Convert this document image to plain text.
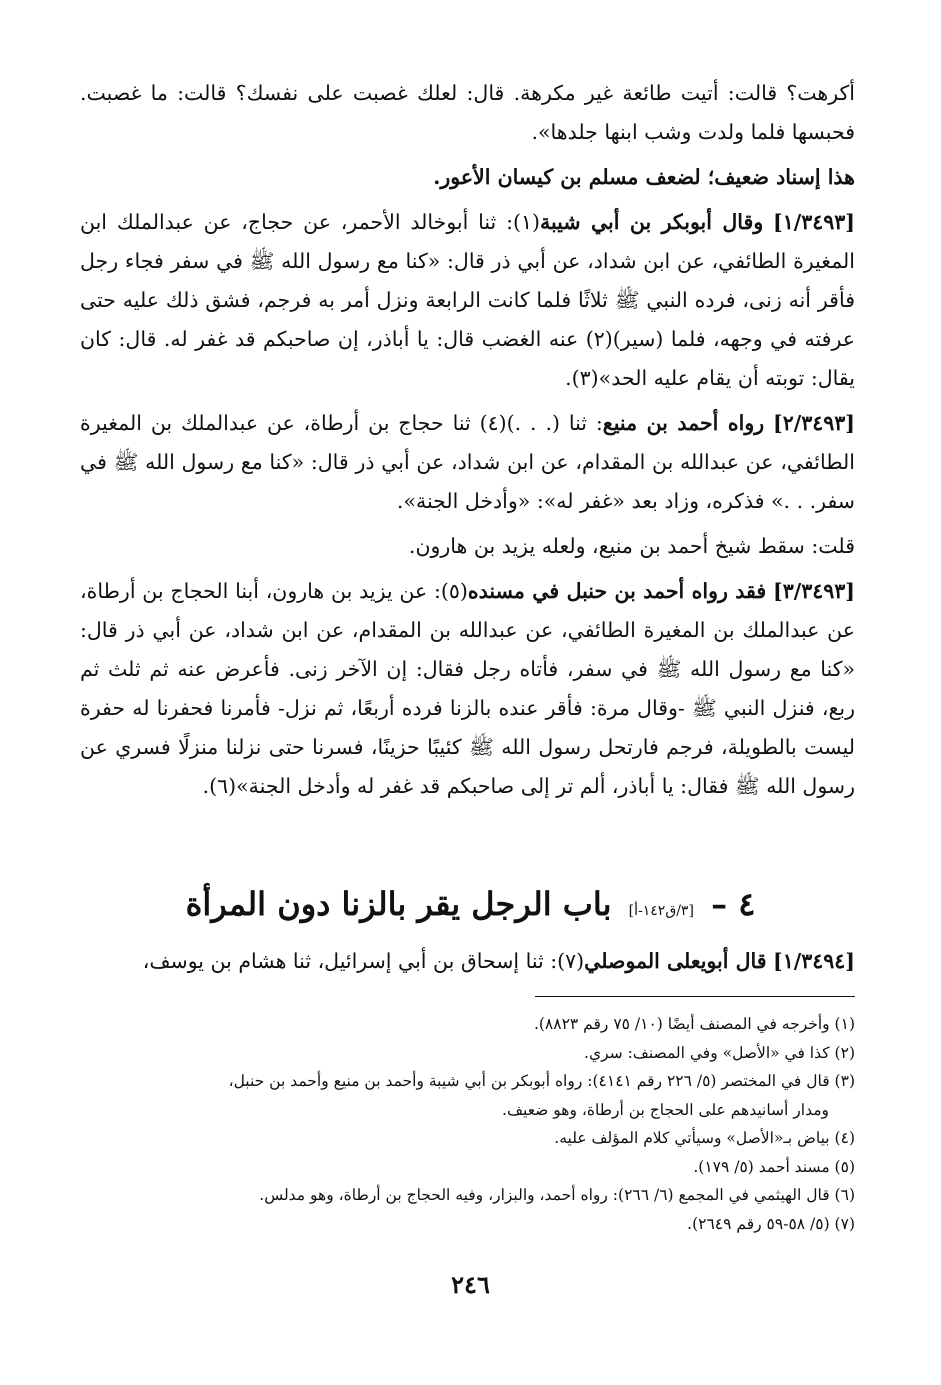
أكرهت؟ قالت: أتيت طائعة غير مكرهة. قال: لعلك غصبت على نفسك؟ قالت: ما غصبت. فحبسها فلما ولدت وشب ابنها جلدها».

هذا إسناد ضعيف؛ لضعف مسلم بن كيسان الأعور.

[١/٣٤٩٣] وقال أبوبكر بن أبي شيبة(١): ثنا أبوخالد الأحمر، عن حجاج، عن عبدالملك ابن المغيرة الطائفي، عن ابن شداد، عن أبي ذر قال: «كنا مع رسول الله ﷺ في سفر فجاء رجل فأقر أنه زنى، فرده النبي ﷺ ثلاثًا فلما كانت الرابعة ونزل أمر به فرجم، فشق ذلك عليه حتى عرفته في وجهه، فلما (سير)(٢) عنه الغضب قال: يا أباذر، إن صاحبكم قد غفر له. قال: كان يقال: توبته أن يقام عليه الحد»(٣).

[٢/٣٤٩٣] رواه أحمد بن منيع: ثنا (. . .)(٤) ثنا حجاج بن أرطاة، عن عبدالملك بن المغيرة الطائفي، عن عبدالله بن المقدام، عن ابن شداد، عن أبي ذر قال: «كنا مع رسول الله ﷺ في سفر. . .» فذكره، وزاد بعد «غفر له»: «وأدخل الجنة».

قلت: سقط شيخ أحمد بن منيع، ولعله يزيد بن هارون.

[٣/٣٤٩٣] فقد رواه أحمد بن حنبل في مسنده(٥): عن يزيد بن هارون، أبنا الحجاج بن أرطاة، عن عبدالملك بن المغيرة الطائفي، عن عبدالله بن المقدام، عن ابن شداد، عن أبي ذر قال: «كنا مع رسول الله ﷺ في سفر، فأتاه رجل فقال: إن الآخر زنى. فأعرض عنه ثم ثلث ثم ربع، فنزل النبي ﷺ -وقال مرة: فأقر عنده بالزنا فرده أربعًا، ثم نزل- فأمرنا فحفرنا له حفرة ليست بالطويلة، فرجم فارتحل رسول الله ﷺ كئيبًا حزينًا، فسرنا حتى نزلنا منزلًا فسري عن رسول الله ﷺ فقال: يا أباذر، ألم تر إلى صاحبكم قد غفر له وأدخل الجنة»(٦).

٤ – [٣/ق١٤٢-أ] باب الرجل يقر بالزنا دون المرأة
[١/٣٤٩٤] قال أبويعلى الموصلي(٧): ثنا إسحاق بن أبي إسرائيل، ثنا هشام بن يوسف،

(١) وأخرجه في المصنف أيضًا (١٠/ ٧٥ رقم ٨٨٢٣).

(٢) كذا في «الأصل» وفي المصنف: سري.

(٣) قال في المختصر (٥/ ٢٢٦ رقم ٤١٤١): رواه أبوبكر بن أبي شيبة وأحمد بن منيع وأحمد بن حنبل،

ومدار أسانيدهم على الحجاج بن أرطاة، وهو ضعيف.

(٤) بياض بـ«الأصل» وسيأتي كلام المؤلف عليه.

(٥) مسند أحمد (٥/ ١٧٩).

(٦) قال الهيثمي في المجمع (٦/ ٢٦٦): رواه أحمد، والبزار، وفيه الحجاج بن أرطاة، وهو مدلس.

(٧) (٥/ ٥٨-٥٩ رقم ٢٦٤٩).

٢٤٦
